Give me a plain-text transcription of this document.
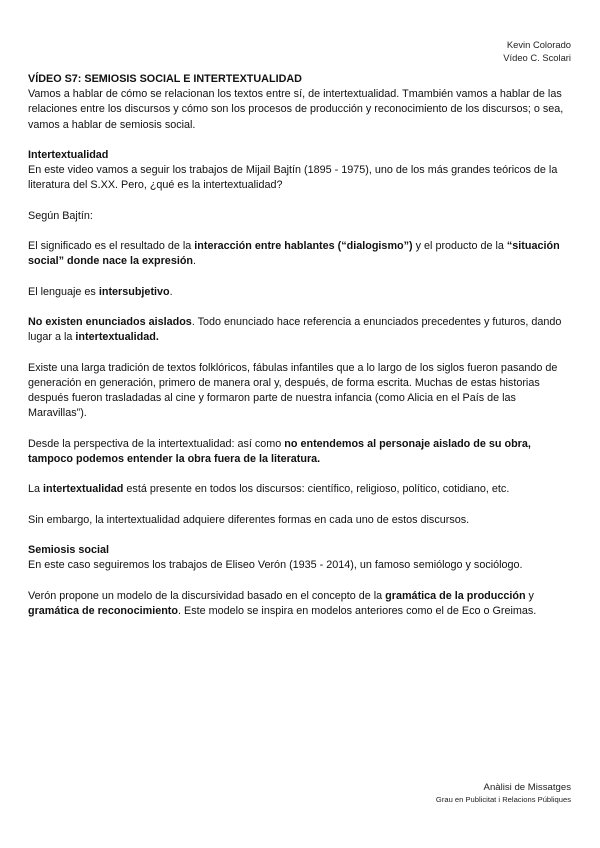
Kevin Colorado
Vídeo C. Scolari
VÍDEO S7: SEMIOSIS SOCIAL E INTERTEXTUALIDAD

Vamos a hablar de cómo se relacionan los textos entre sí, de intertextualidad. Tmambién vamos a hablar de las relaciones entre los discursos y cómo son los procesos de producción y reconocimiento de los discursos; o sea, vamos a hablar de semiosis social.

Intertextualidad

En este video vamos a seguir los trabajos de Mijail Bajtín (1895 - 1975), uno de los más grandes teóricos de la literatura del S.XX. Pero, ¿qué es la intertextualidad?

Según Bajtín:

El significado es el resultado de la interacción entre hablantes (“dialogismo”) y el producto de la “situación social” donde nace la expresión.

El lenguaje es intersubjetivo.

No existen enunciados aislados. Todo enunciado hace referencia a enunciados precedentes y futuros, dando lugar a la intertextualidad.

Existe una larga tradición de textos folklóricos, fábulas infantiles que a lo largo de los siglos fueron pasando de generación en generación, primero de manera oral y, después, de forma escrita. Muchas de estas historias después fueron trasladadas al cine y formaron parte de nuestra infancia (como Alicia en el País de las Maravillas”).

Desde la perspectiva de la intertextualidad: así como no entendemos al personaje aislado de su obra, tampoco podemos entender la obra fuera de la literatura.

La intertextualidad está presente en todos los discursos: científico, religioso, político, cotidiano, etc.

Sin embargo, la intertextualidad adquiere diferentes formas en cada uno de estos discursos.

Semiosis social

En este caso seguiremos los trabajos de Eliseo Verón (1935 - 2014), un famoso semiólogo y sociólogo.

Verón propone un modelo de la discursividad basado en el concepto de la gramática de la producción y gramática de reconocimiento. Este modelo se inspira en modelos anteriores como el de Eco o Greimas.

Anàlisi de Missatges
Grau en Publicitat i Relacions Públiques
